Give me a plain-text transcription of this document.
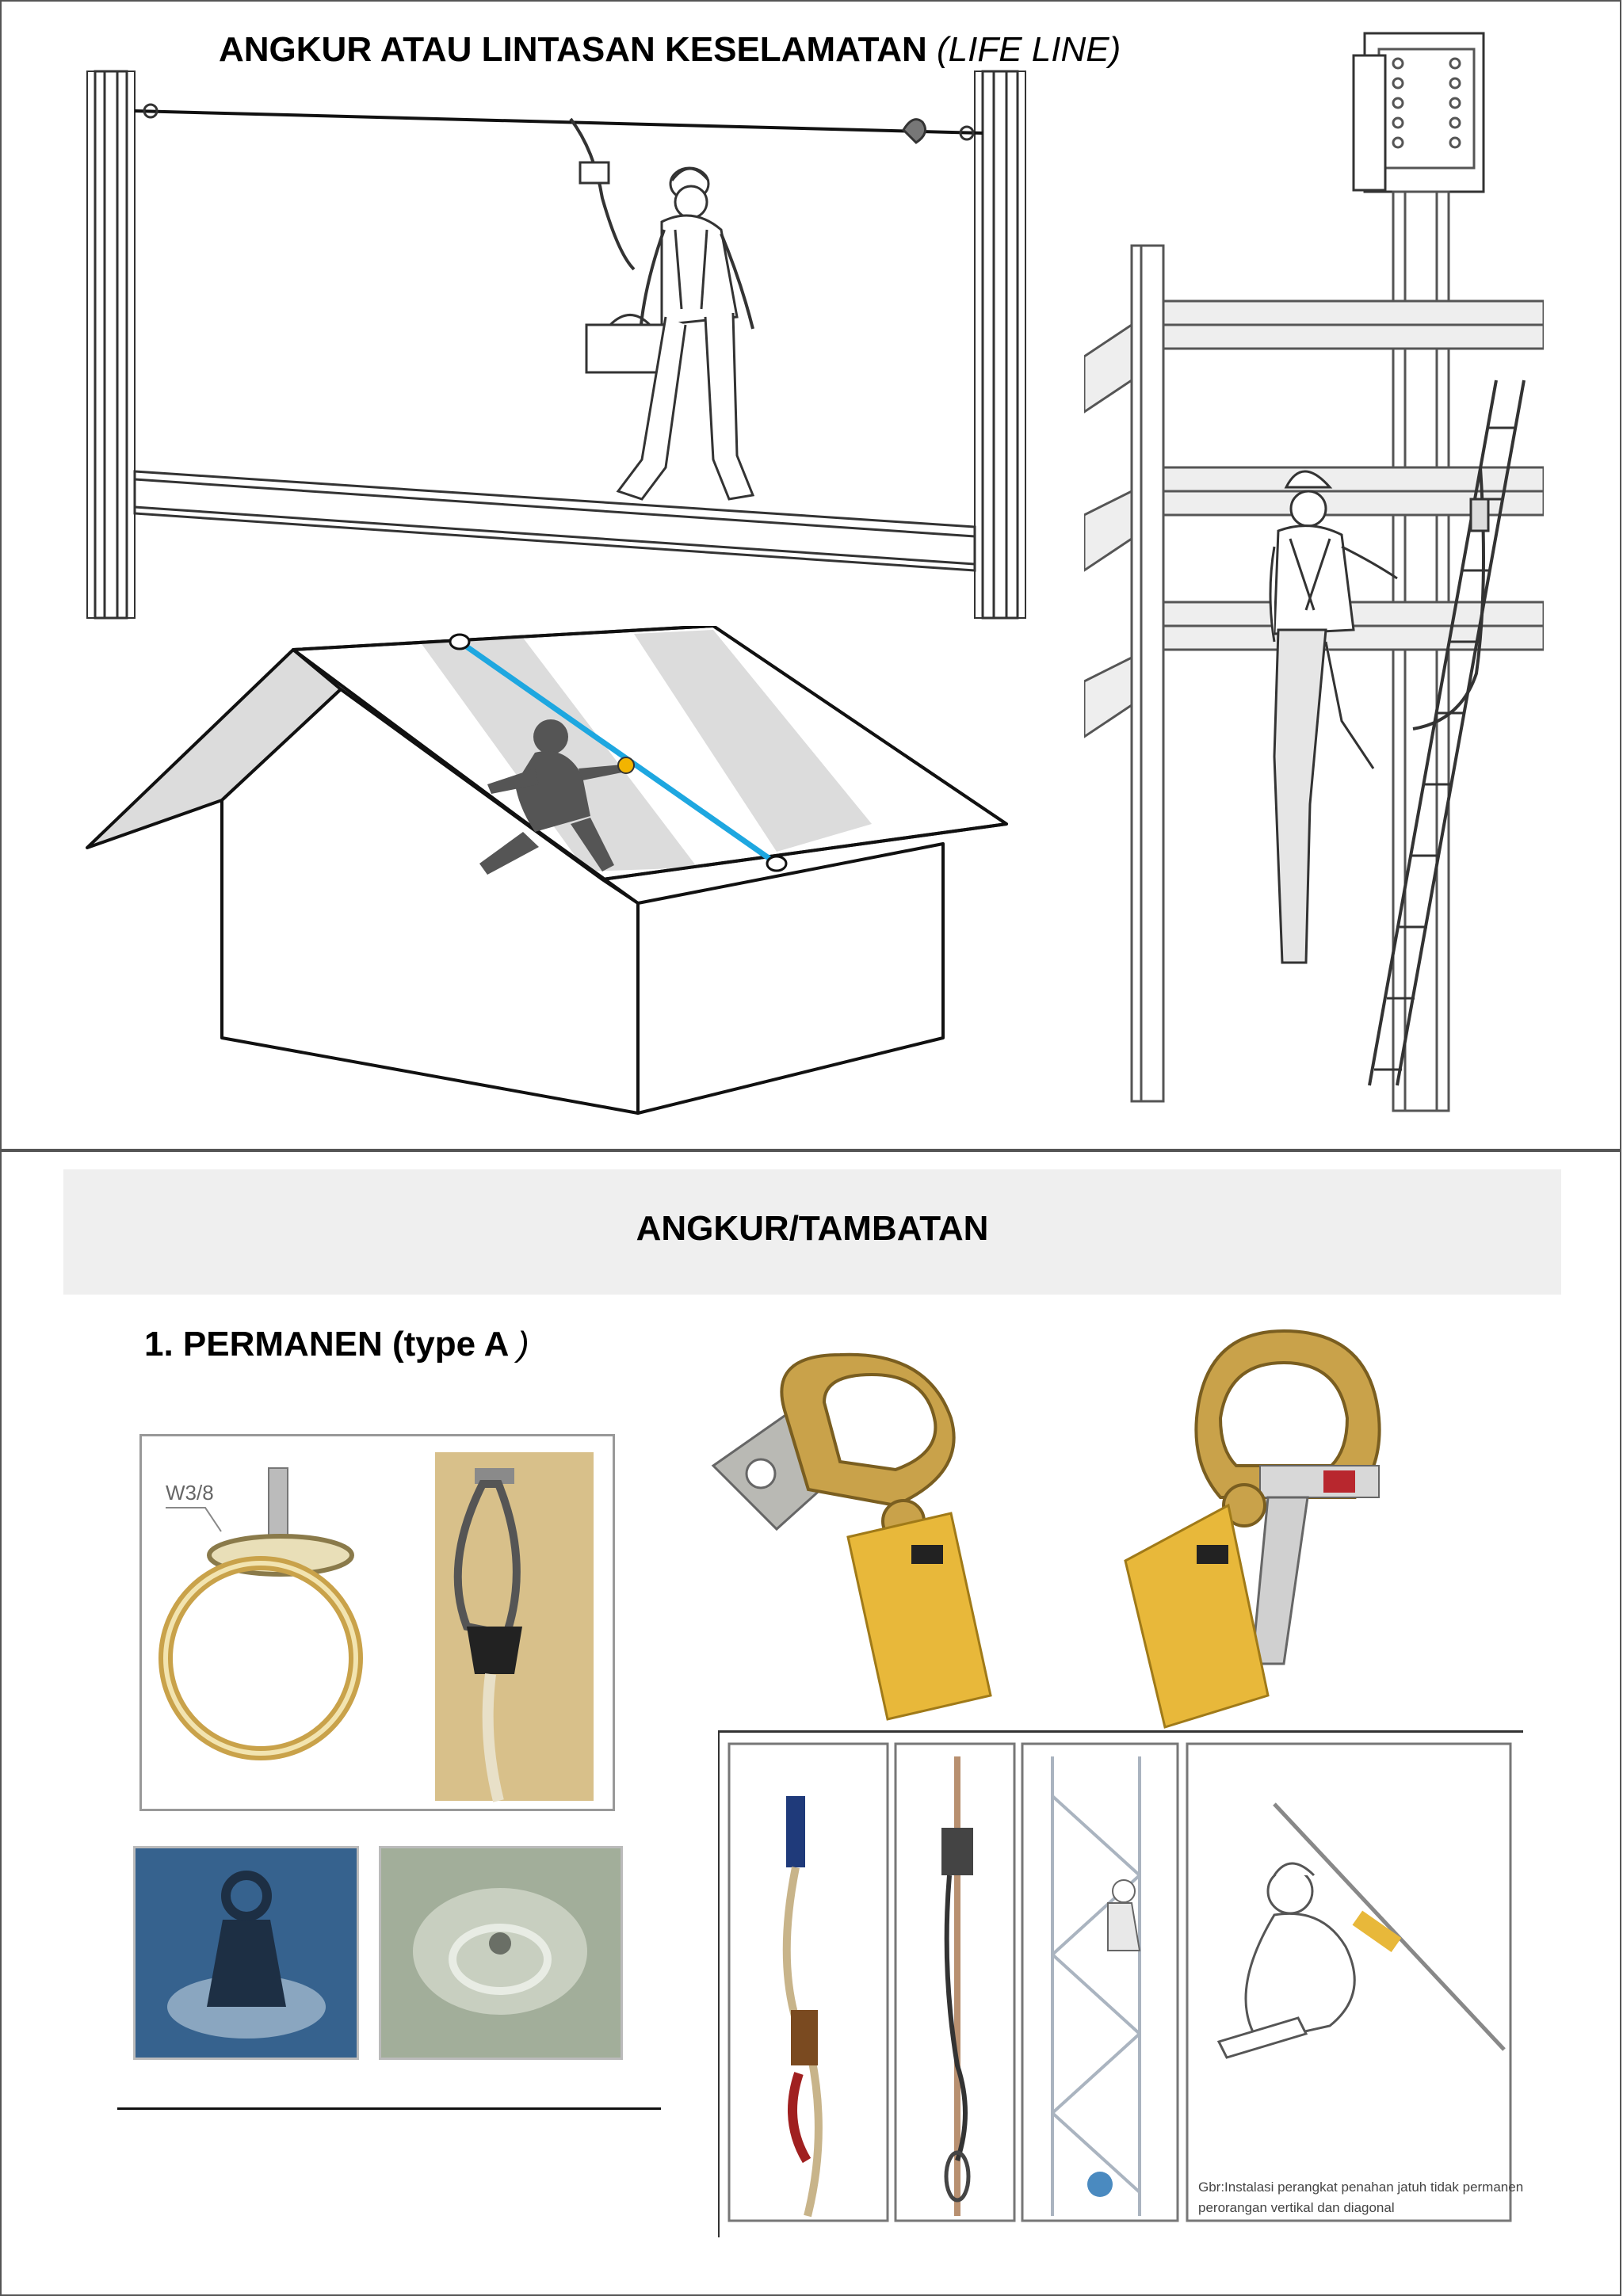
ANGKUR ATAU LINTASAN KESELAMATAN (LIFE LINE)
ANGKUR/TAMBATAN
1. PERMANEN (type A )
W3/8
Gbr:Instalasi perangkat penahan jatuh tidak permanen perorangan vertikal dan diagonal
